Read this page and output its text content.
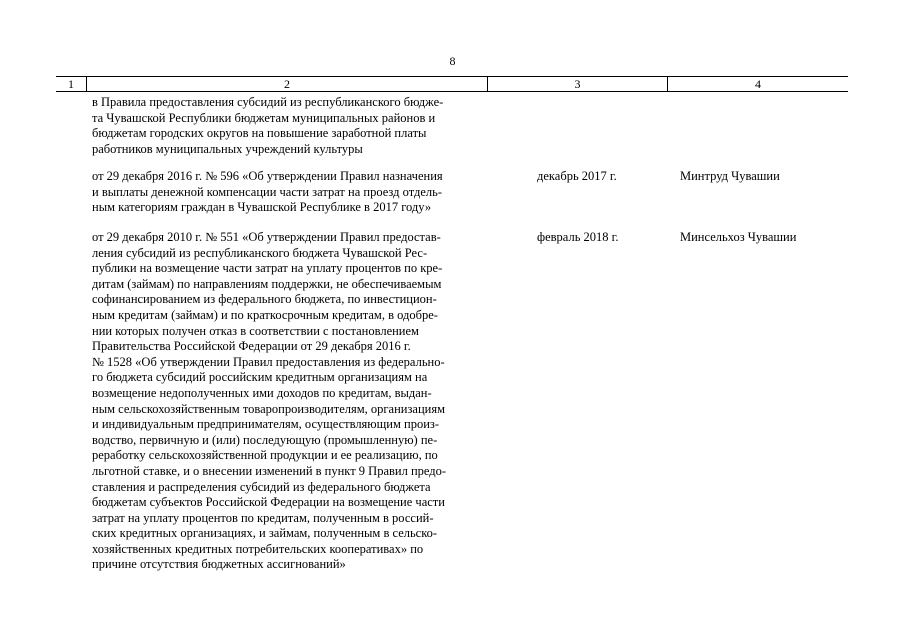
8
1	2	3	4
в Правила предоставления субсидий из республиканского бюдже-
та Чувашской Республики бюджетам муниципальных районов и
бюджетам городских округов на повышение заработной платы
работников муниципальных учреждений культуры
от 29 декабря 2016 г. № 596 «Об утверждении Правил назначения
и выплаты денежной компенсации части затрат на проезд отдель-
ным категориям граждан в Чувашской Республике в 2017 году»
декабрь 2017 г.	Минтруд Чувашии
от 29 декабря 2010 г. № 551 «Об утверждении Правил предостав-
ления субсидий из республиканского бюджета Чувашской Рес-
публики на возмещение части затрат на уплату процентов по кре-
дитам (займам) по направлениям поддержки, не обеспечиваемым
софинансированием из федерального бюджета, по инвестицион-
ным кредитам (займам) и по краткосрочным кредитам, в одобре-
нии которых получен отказ в соответствии с постановлением
Правительства Российской Федерации от 29 декабря 2016 г.
№ 1528 «Об утверждении Правил предоставления из федерально-
го бюджета субсидий российским кредитным организациям на
возмещение недополученных ими доходов по кредитам, выдан-
ным сельскохозяйственным товаропроизводителям, организациям
и индивидуальным предпринимателям, осуществляющим произ-
водство, первичную и (или) последующую (промышленную) пе-
реработку сельскохозяйственной продукции и ее реализацию, по
льготной ставке, и о внесении изменений в пункт 9 Правил предо-
ставления и распределения субсидий из федерального бюджета
бюджетам субъектов Российской Федерации на возмещение части
затрат на уплату процентов по кредитам, полученным в россий-
ских кредитных организациях, и займам, полученным в сельско-
хозяйственных кредитных потребительских кооперативах» по
причине отсутствия бюджетных ассигнований»
февраль 2018 г.	Минсельхоз Чувашии
